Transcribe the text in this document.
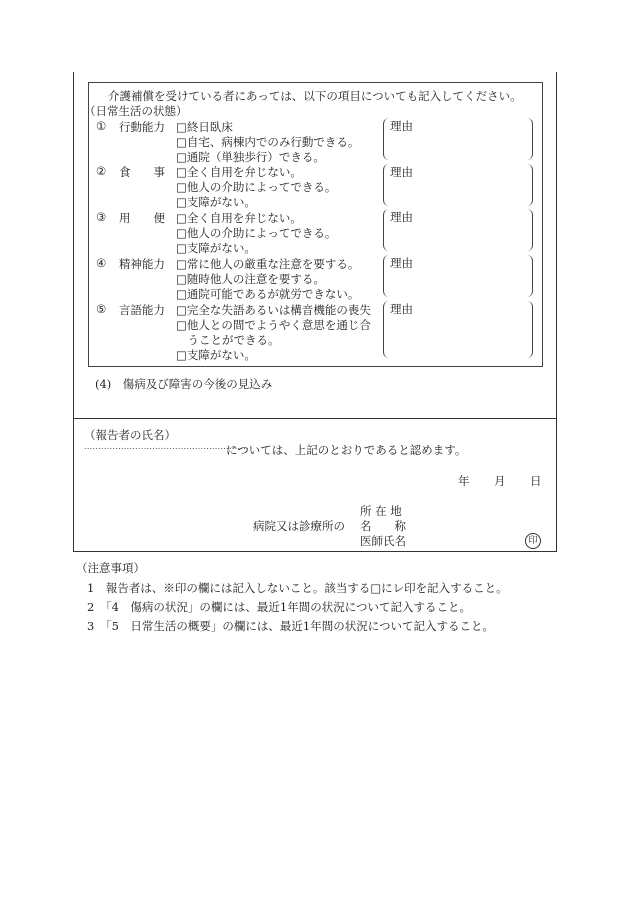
介護補償を受けている者にあっては、以下の項目についても記入してください。
（日常生活の状態）
① 行動能力 □終日臥床
□自宅、病棟内でのみ行動できる。
□通院（単独歩行）できる。
理由
② 食　　事 □全く自用を弁じない。
□他人の介助によってできる。
□支障がない。
理由
③ 用　　便 □全く自用を弁じない。
□他人の介助によってできる。
□支障がない。
理由
④ 精神能力 □常に他人の厳重な注意を要する。
□随時他人の注意を要する。
□通院可能であるが就労できない。
理由
⑤ 言語能力 □完全な失語あるいは構音機能の喪失
□他人との間でようやく意思を通じ合
　うことができる。
□支障がない。
理由
(4)　傷病及び障害の今後の見込み
（報告者の氏名）
..........................................................
については、上記のとおりであると認めます。
年 月 日
所 在 地
病院又は診療所の 名　　称
医師氏名	印
（注意事項）
1　報告者は、※印の欄には記入しないこと。該当する□にレ印を記入すること。
2　「4　傷病の状況」の欄には、最近1年間の状況について記入すること。
3　「5　日常生活の概要」の欄には、最近1年間の状況について記入すること。
